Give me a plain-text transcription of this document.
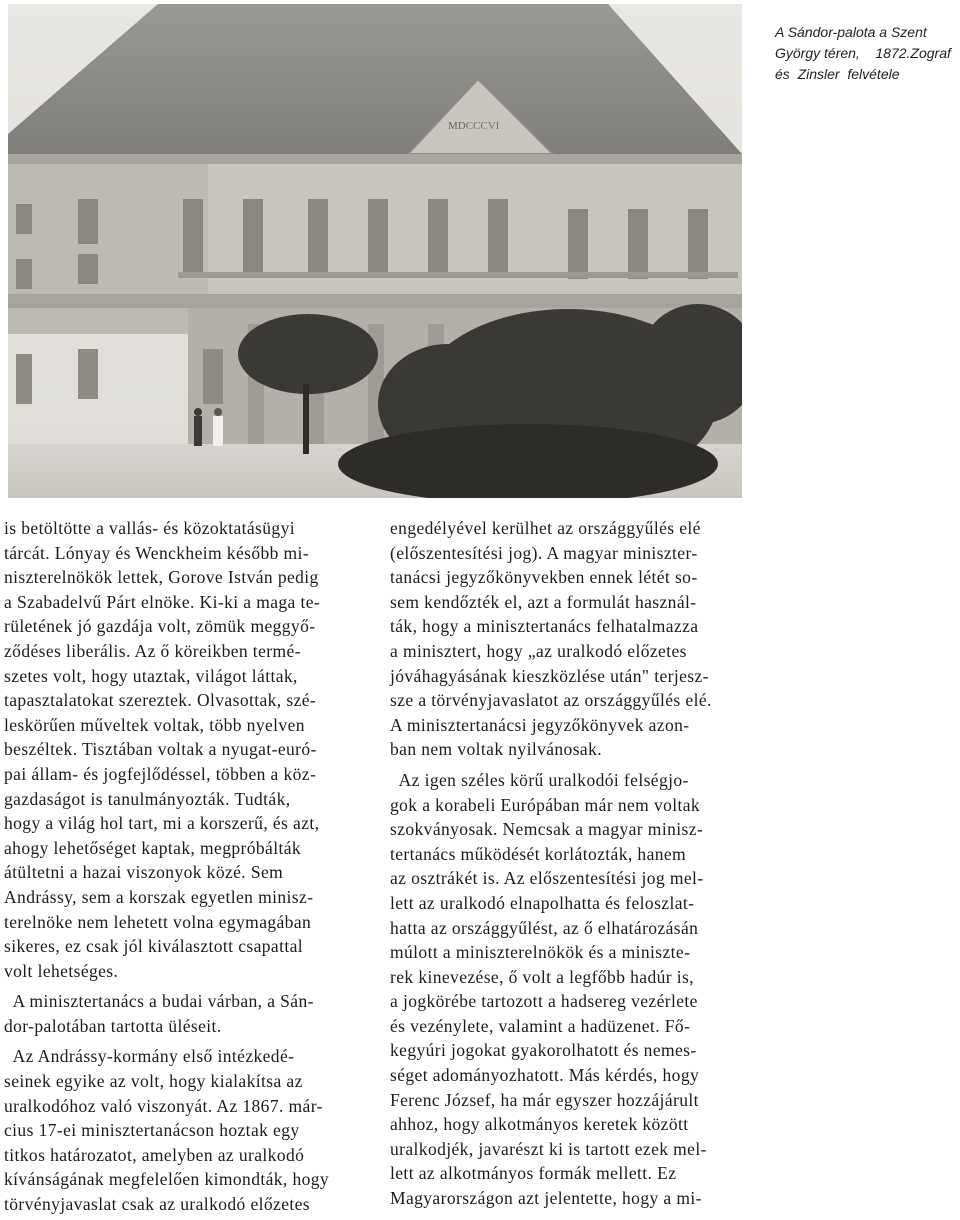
MDCCCVI
A Sándor-palota a Szent
György téren,    1872.Zograf
és  Zinsler  felvétele

is betöltötte a vallás- és közoktatásügyi
tárcát. Lónyay és Wenckheim később mi-
niszterelnökök lettek, Gorove István pedig
a Szabadelvű Párt elnöke. Ki-ki a maga te-
rületének jó gazdája volt, zömük meggyő-
ződéses liberális. Az ő köreikben termé-
szetes volt, hogy utaztak, világot láttak,
tapasztalatokat szereztek. Olvasottak, szé-
leskörűen műveltek voltak, több nyelven
beszéltek. Tisztában voltak a nyugat-euró-
pai állam- és jogfejlődéssel, többen a köz-
gazdaságot is tanulmányozták. Tudták,
hogy a világ hol tart, mi a korszerű, és azt,
ahogy lehetőséget kaptak, megpróbálták
átültetni a hazai viszonyok közé. Sem
Andrássy, sem a korszak egyetlen minisz-
terelnöke nem lehetett volna egymagában
sikeres, ez csak jól kiválasztott csapattal
volt lehetséges.

A minisztertanács a budai várban, a Sán-
dor-palotában tartotta üléseit.

Az Andrássy-kormány első intézkedé-
seinek egyike az volt, hogy kialakítsa az
uralkodóhoz való viszonyát. Az 1867. már-
cius 17-ei minisztertanácson hoztak egy
titkos határozatot, amelyben az uralkodó
kívánságának megfelelően kimondták, hogy
törvényjavaslat csak az uralkodó előzetes

engedélyével kerülhet az országgyűlés elé
(előszentesítési jog). A magyar miniszter-
tanácsi jegyzőkönyvekben ennek létét so-
sem kendőzték el, azt a formulát használ-
ták, hogy a minisztertanács felhatalmazza
a minisztert, hogy „az uralkodó előzetes
jóváhagyásának kieszközlése után" terjesz-
sze a törvényjavaslatot az országgyűlés elé.
A minisztertanácsi jegyzőkönyvek azon-
ban nem voltak nyilvánosak.

Az igen széles körű uralkodói felségjo-
gok a korabeli Európában már nem voltak
szokványosak. Nemcsak a magyar minisz-
tertanács működését korlátozták, hanem
az osztrákét is. Az előszentesítési jog mel-
lett az uralkodó elnapolhatta és feloszlat-
hatta az országgyűlést, az ő elhatározásán
múlott a miniszterelnökök és a miniszte-
rek kinevezése, ő volt a legfőbb hadúr is,
a jogkörébe tartozott a hadsereg vezérlete
és vezénylete, valamint a hadüzenet. Fő-
kegyúri jogokat gyakorolhatott és nemes-
séget adományozhatott. Más kérdés, hogy
Ferenc József, ha már egyszer hozzájárult
ahhoz, hogy alkotmányos keretek között
uralkodjék, javarészt ki is tartott ezek mel-
lett az alkotmányos formák mellett. Ez
Magyarországon azt jelentette, hogy a mi-
